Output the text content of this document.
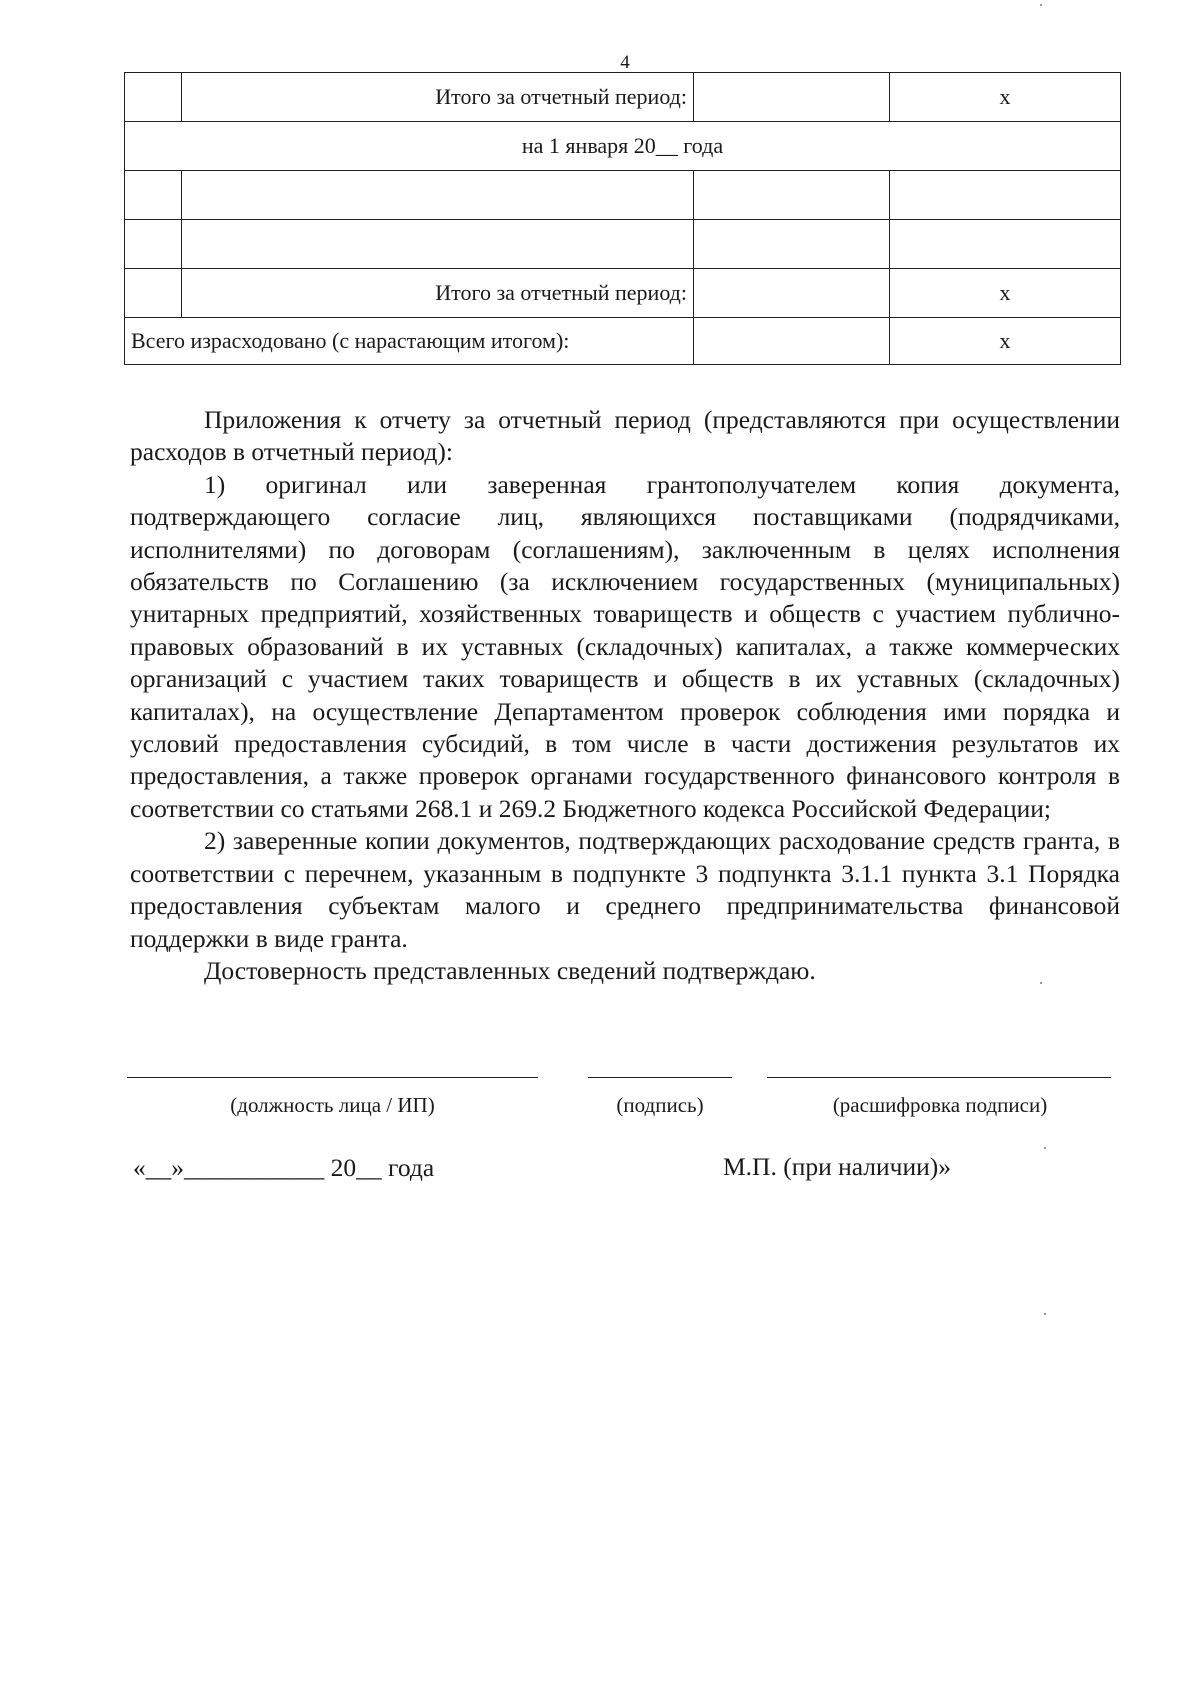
4
	Итого за отчетный период:		x
на 1 января 20__ года			

	Итого за отчетный период:		x
Всего израсходовано (с нарастающим итогом):			x

Приложения к отчету за отчетный период (представляются при осуществлении расходов в отчетный период):

1) оригинал или заверенная грантополучателем копия документа, подтверждающего согласие лиц, являющихся поставщиками (подрядчиками, исполнителями) по договорам (соглашениям), заключенным в целях исполнения обязательств по Соглашению (за исключением государственных (муниципальных) унитарных предприятий, хозяйственных товариществ и обществ с участием публично-правовых образований в их уставных (складочных) капиталах, а также коммерческих организаций с участием таких товариществ и обществ в их уставных (складочных) капиталах), на осуществление Департаментом проверок соблюдения ими порядка и условий предоставления субсидий, в том числе в части достижения результатов их предоставления, а также проверок органами государственного финансового контроля в соответствии со статьями 268.1 и 269.2 Бюджетного кодекса Российской Федерации;

2) заверенные копии документов, подтверждающих расходование средств гранта, в соответствии с перечнем, указанным в подпункте 3 подпункта 3.1.1 пункта 3.1 Порядка предоставления субъектам малого и среднего предпринимательства финансовой поддержки в виде гранта.

Достоверность представленных сведений подтверждаю.

(должность лица / ИП)	(подпись)	(расшифровка подписи)
«__»___________ 20__ года	М.П. (при наличии)»
